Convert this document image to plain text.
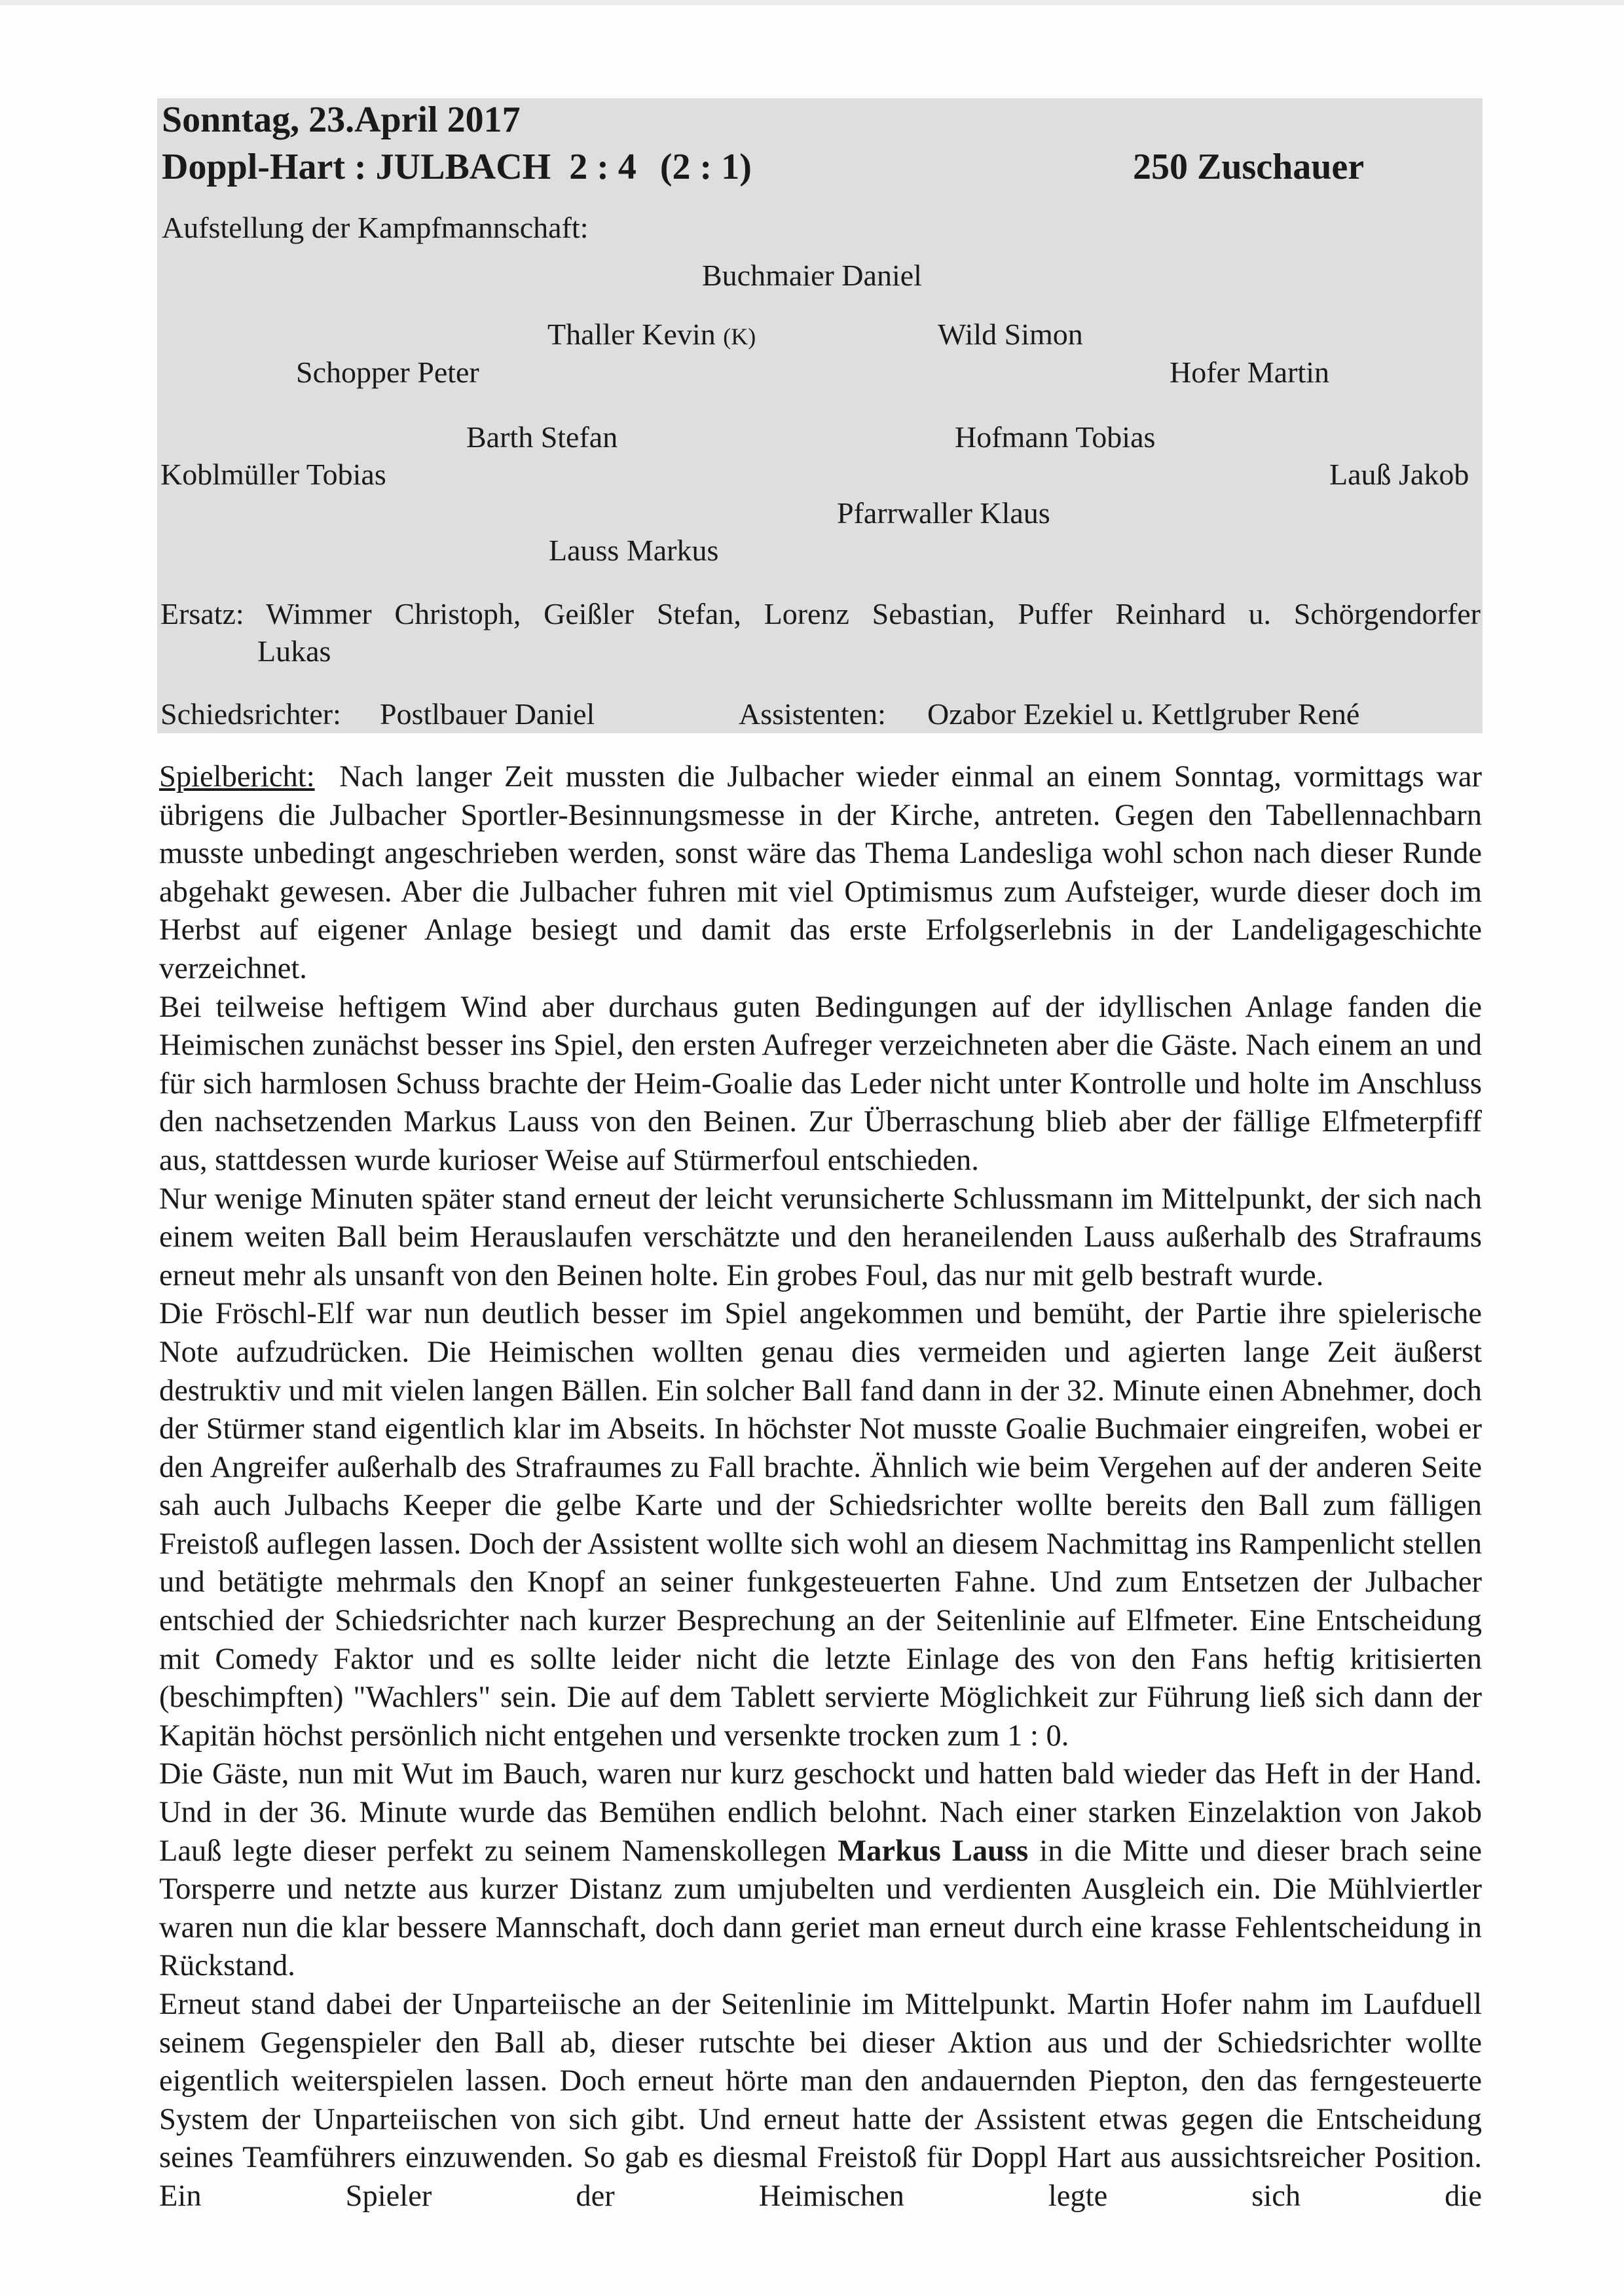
Sonntag, 23.April 2017
Doppl-Hart : JULBACH 2 : 4 (2 : 1)	250 Zuschauer
Aufstellung der Kampfmannschaft:
Buchmaier Daniel
Thaller Kevin (K)	Wild Simon
Schopper Peter	Hofer Martin
Barth Stefan	Hofmann Tobias
Koblmüller Tobias	Lauß Jakob
Pfarrwaller Klaus
Lauss Markus
Ersatz: Wimmer Christoph, Geißler Stefan, Lorenz Sebastian, Puffer Reinhard u. Schörgendorfer
Lukas
Schiedsrichter: Postlbauer Daniel	Assistenten: Ozabor Ezekiel u. Kettlgruber René

Spielbericht: Nach langer Zeit mussten die Julbacher wieder einmal an einem Sonntag, vormittags war übrigens die Julbacher Sportler-Besinnungsmesse in der Kirche, antreten. Gegen den Tabellennachbarn musste unbedingt angeschrieben werden, sonst wäre das Thema Landesliga wohl schon nach dieser Runde abgehakt gewesen. Aber die Julbacher fuhren mit viel Optimismus zum Aufsteiger, wurde dieser doch im Herbst auf eigener Anlage besiegt und damit das erste Erfolgserlebnis in der Landeligageschichte verzeichnet.

Bei teilweise heftigem Wind aber durchaus guten Bedingungen auf der idyllischen Anlage fanden die Heimischen zunächst besser ins Spiel, den ersten Aufreger verzeichneten aber die Gäste. Nach einem an und für sich harmlosen Schuss brachte der Heim-Goalie das Leder nicht unter Kontrolle und holte im Anschluss den nachsetzenden Markus Lauss von den Beinen. Zur Überraschung blieb aber der fällige Elfmeterpfiff aus, stattdessen wurde kurioser Weise auf Stürmerfoul entschieden.

Nur wenige Minuten später stand erneut der leicht verunsicherte Schlussmann im Mittelpunkt, der sich nach einem weiten Ball beim Herauslaufen verschätzte und den heraneilenden Lauss außerhalb des Strafraums erneut mehr als unsanft von den Beinen holte. Ein grobes Foul, das nur mit gelb bestraft wurde.

Die Fröschl-Elf war nun deutlich besser im Spiel angekommen und bemüht, der Partie ihre spielerische Note aufzudrücken. Die Heimischen wollten genau dies vermeiden und agierten lange Zeit äußerst destruktiv und mit vielen langen Bällen. Ein solcher Ball fand dann in der 32. Minute einen Abnehmer, doch der Stürmer stand eigentlich klar im Abseits. In höchster Not musste Goalie Buchmaier eingreifen, wobei er den Angreifer außerhalb des Strafraumes zu Fall brachte. Ähnlich wie beim Vergehen auf der anderen Seite sah auch Julbachs Keeper die gelbe Karte und der Schiedsrichter wollte bereits den Ball zum fälligen Freistoß auflegen lassen. Doch der Assistent wollte sich wohl an diesem Nachmittag ins Rampenlicht stellen und betätigte mehrmals den Knopf an seiner funkgesteuerten Fahne. Und zum Entsetzen der Julbacher entschied der Schiedsrichter nach kurzer Besprechung an der Seitenlinie auf Elfmeter. Eine Entscheidung mit Comedy Faktor und es sollte leider nicht die letzte Einlage des von den Fans heftig kritisierten (beschimpften) "Wachlers" sein. Die auf dem Tablett servierte Möglichkeit zur Führung ließ sich dann der Kapitän höchst persönlich nicht entgehen und versenkte trocken zum 1 : 0.

Die Gäste, nun mit Wut im Bauch, waren nur kurz geschockt und hatten bald wieder das Heft in der Hand. Und in der 36. Minute wurde das Bemühen endlich belohnt. Nach einer starken Einzelaktion von Jakob Lauß legte dieser perfekt zu seinem Namenskollegen Markus Lauss in die Mitte und dieser brach seine Torsperre und netzte aus kurzer Distanz zum umjubelten und verdienten Ausgleich ein. Die Mühlviertler waren nun die klar bessere Mannschaft, doch dann geriet man erneut durch eine krasse Fehlentscheidung in Rückstand.

Erneut stand dabei der Unparteiische an der Seitenlinie im Mittelpunkt. Martin Hofer nahm im Laufduell seinem Gegenspieler den Ball ab, dieser rutschte bei dieser Aktion aus und der Schiedsrichter wollte eigentlich weiterspielen lassen. Doch erneut hörte man den andauernden Piepton, den das ferngesteuerte System der Unparteiischen von sich gibt. Und erneut hatte der Assistent etwas gegen die Entscheidung seines Teamführers einzuwenden. So gab es diesmal Freistoß für Doppl Hart aus aussichtsreicher Position. Ein Spieler der Heimischen legte sich die
